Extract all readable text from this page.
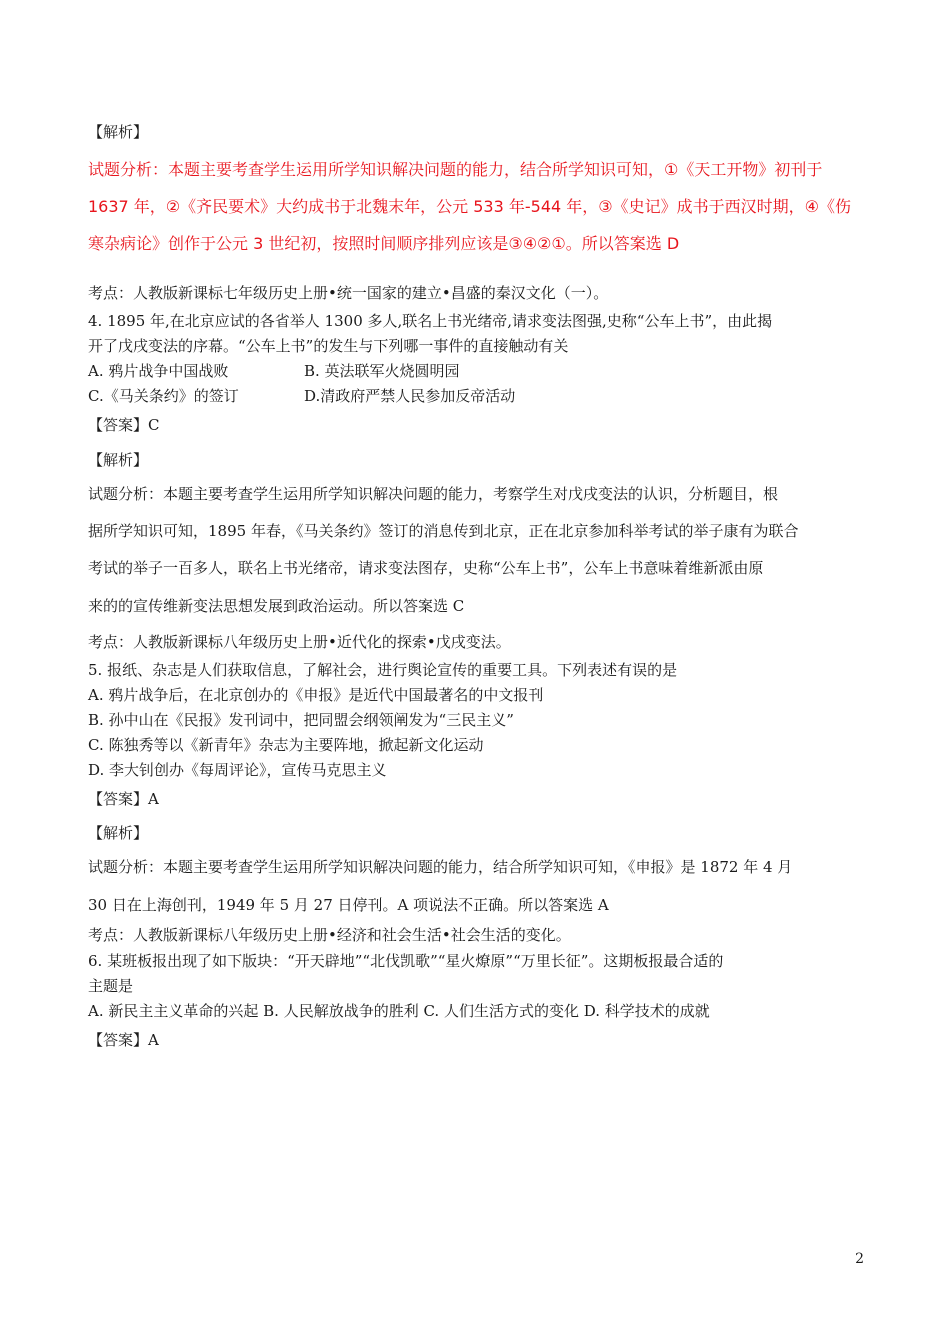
【解析】
试题分析：本题主要考查学生运用所学知识解决问题的能力，结合所学知识可知，①《天工开物》初刊于
1637 年，②《齐民要术》大约成书于北魏末年，公元 533 年-544 年，③《史记》成书于西汉时期，④《伤
寒杂病论》创作于公元 3 世纪初，按照时间顺序排列应该是③④②①。所以答案选 D
考点：人教版新课标七年级历史上册•统一国家的建立•昌盛的秦汉文化（一）。
4. 1895 年,在北京应试的各省举人 1300 多人,联名上书光绪帝,请求变法图强,史称“公车上书”，由此揭
开了戊戌变法的序幕。“公车上书”的发生与下列哪一事件的直接触动有关
A. 鸦片战争中国战败	B. 英法联军火烧圆明园
C.《马关条约》的签订	D.清政府严禁人民参加反帝活动
【答案】C
【解析】
试题分析：本题主要考查学生运用所学知识解决问题的能力，考察学生对戊戌变法的认识，分析题目，根
据所学知识可知，1895 年春，《马关条约》签订的消息传到北京，正在北京参加科举考试的举子康有为联合
考试的举子一百多人，联名上书光绪帝，请求变法图存，史称“公车上书”，公车上书意味着维新派由原
来的的宣传维新变法思想发展到政治运动。所以答案选 C
考点：人教版新课标八年级历史上册•近代化的探索•戊戌变法。
5. 报纸、杂志是人们获取信息，了解社会，进行舆论宣传的重要工具。下列表述有误的是
A. 鸦片战争后，在北京创办的《申报》是近代中国最著名的中文报刊
B. 孙中山在《民报》发刊词中，把同盟会纲领阐发为“三民主义”
C. 陈独秀等以《新青年》杂志为主要阵地，掀起新文化运动
D. 李大钊创办《每周评论》，宣传马克思主义
【答案】A
【解析】
试题分析：本题主要考查学生运用所学知识解决问题的能力，结合所学知识可知，《申报》是 1872 年 4 月
30 日在上海创刊，1949 年 5 月 27 日停刊。A 项说法不正确。所以答案选 A
考点：人教版新课标八年级历史上册•经济和社会生活•社会生活的变化。
6. 某班板报出现了如下版块：“开天辟地”“北伐凯歌”“星火燎原”“万里长征”。这期板报最合适的
主题是
A. 新民主主义革命的兴起 B. 人民解放战争的胜利 C. 人们生活方式的变化 D. 科学技术的成就
【答案】A
2
